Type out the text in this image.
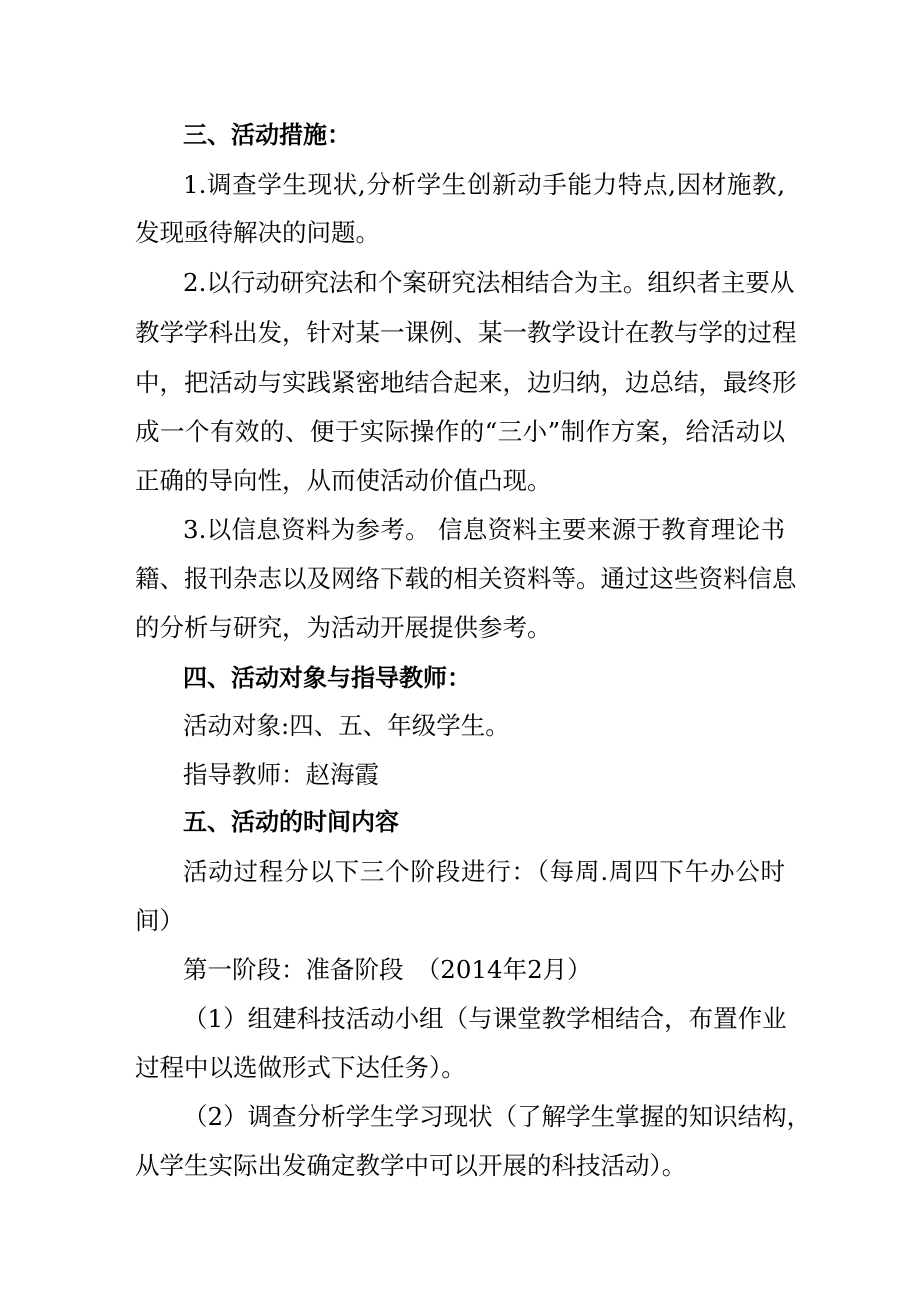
三、活动措施：
1.调查学生现状,分析学生创新动手能力特点,因材施教,
发现亟待解决的问题。
2.以行动研究法和个案研究法相结合为主。组织者主要从
教学学科出发，针对某一课例、某一教学设计在教与学的过程
中，把活动与实践紧密地结合起来，边归纳，边总结，最终形
成一个有效的、便于实际操作的“三小”制作方案，给活动以
正确的导向性，从而使活动价值凸现。
3.以信息资料为参考。 信息资料主要来源于教育理论书
籍、报刊杂志以及网络下载的相关资料等。通过这些资料信息
的分析与研究，为活动开展提供参考。
四、活动对象与指导教师：
活动对象:四、五、年级学生。
指导教师：赵海霞
五、活动的时间内容
活动过程分以下三个阶段进行：（每周.周四下午办公时
间）
第一阶段：准备阶段　（2014年2月）
（1）组建科技活动小组（与课堂教学相结合，布置作业
过程中以选做形式下达任务）。
（2）调查分析学生学习现状（了解学生掌握的知识结构，
从学生实际出发确定教学中可以开展的科技活动）。
